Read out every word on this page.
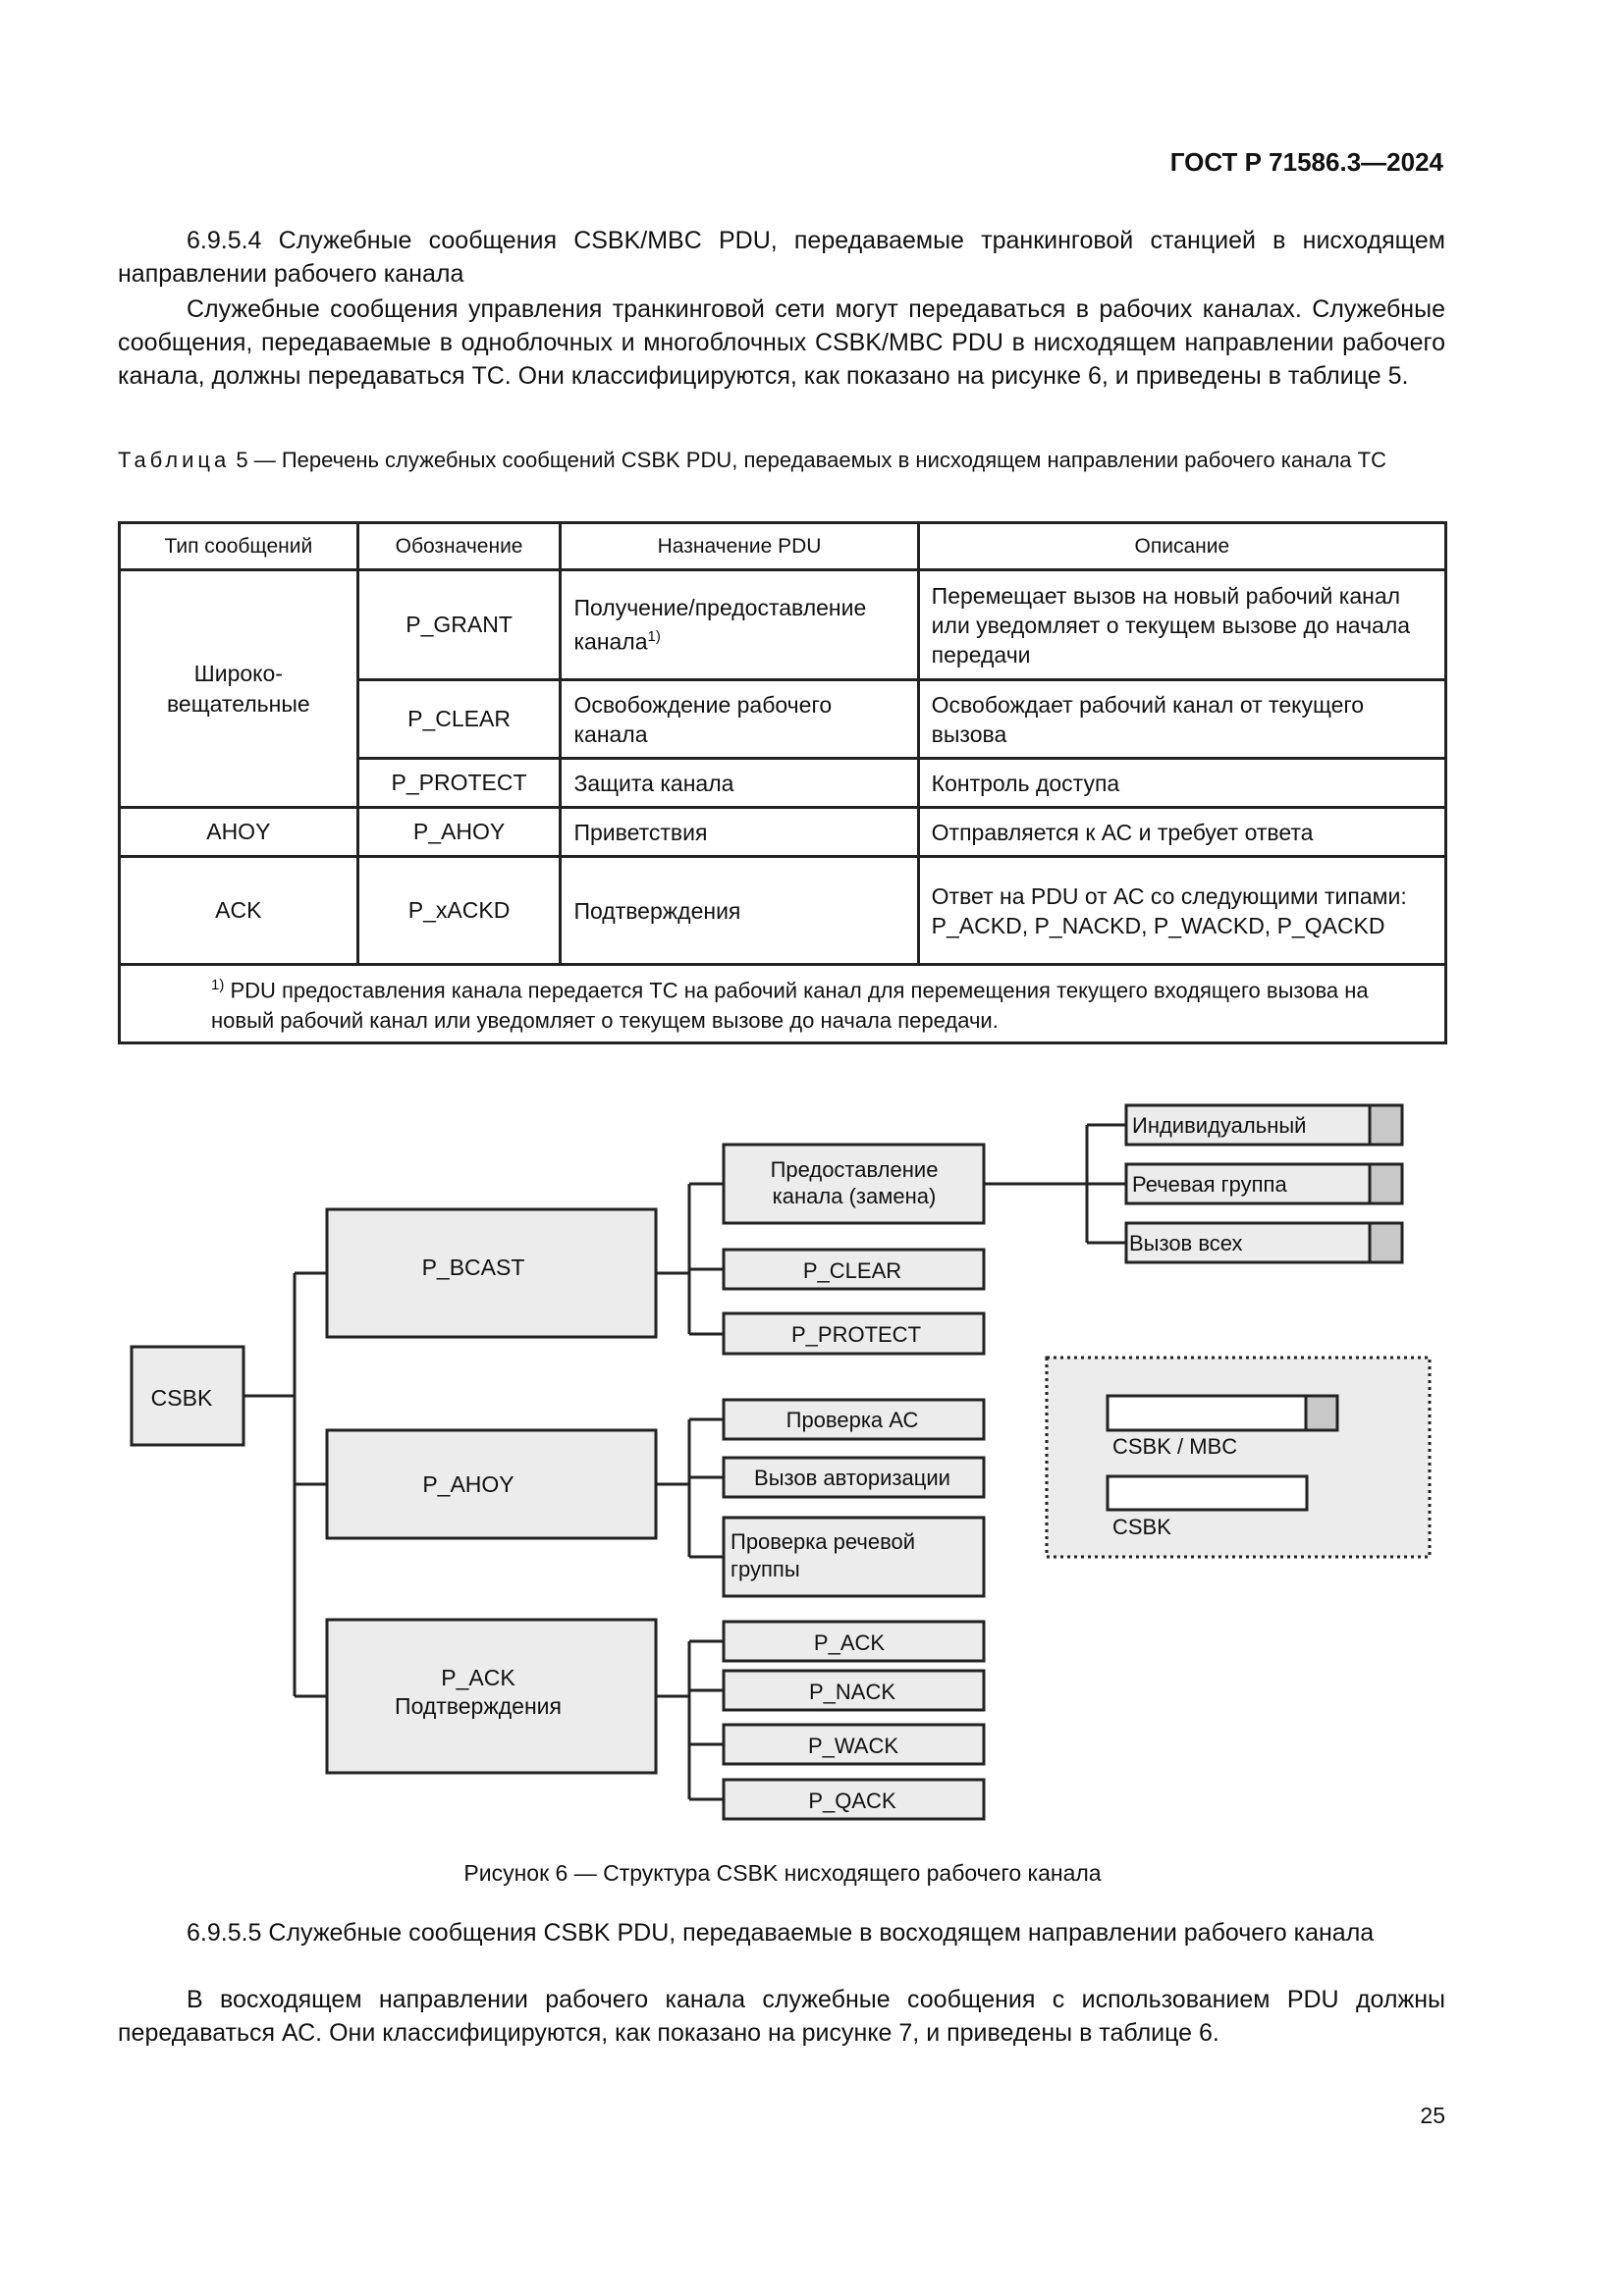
ГОСТ Р 71586.3—2024
6.9.5.4 Служебные сообщения CSBK/MBC PDU, передаваемые транкинговой станцией в нисходящем направлении рабочего канала
Служебные сообщения управления транкинговой сети могут передаваться в рабочих каналах. Служебные сообщения, передаваемые в одноблочных и многоблочных CSBK/MBC PDU в нисходящем направлении рабочего канала, должны передаваться ТС. Они классифицируются, как показано на рисунке 6, и приведены в таблице 5.
Таблица 5 — Перечень служебных сообщений CSBK PDU, передаваемых в нисходящем направлении рабочего канала ТС
Тип сообщений	Обозначение	Назначение PDU	Описание
Широко-
вещательные	P_GRANT	Получение/предоставление канала$^{1)}$	Перемещает вызов на новый рабочий канал или уведомляет о текущем вызове до начала передачи
	P_CLEAR	Освобождение рабочего канала	Освобождает рабочий канал от текущего вызова
	P_PROTECT	Защита канала	Контроль доступа
AHOY	P_AHOY	Приветствия	Отправляется к АС и требует ответа
ACK	P_xACKD	Подтверждения	Ответ на PDU от АС со следующими типами: P_ACKD, P_NACKD, P_WACKD, P_QACKD

$^{1)}$ PDU предоставления канала передается ТС на рабочий канал для перемещения текущего входящего вызова на новый рабочий канал или уведомляет о текущем вызове до начала передачи.			
CSBK
P_BCAST
P_AHOY
P_ACK
Подтверждения
Предоставление
канала (замена)
P_CLEAR
P_PROTECT
Индивидуальный
Речевая группа
Вызов всех
Проверка АС
Вызов авторизации
Проверка речевой
группы
P_ACK
P_NACK
P_WACK
P_QACK
CSBK / MBC
CSBK
Рисунок 6 — Структура CSBK нисходящего рабочего канала
6.9.5.5 Служебные сообщения CSBK PDU, передаваемые в восходящем направлении рабочего канала
В восходящем направлении рабочего канала служебные сообщения с использованием PDU должны передаваться АС. Они классифицируются, как показано на рисунке 7, и приведены в таблице 6.
25
